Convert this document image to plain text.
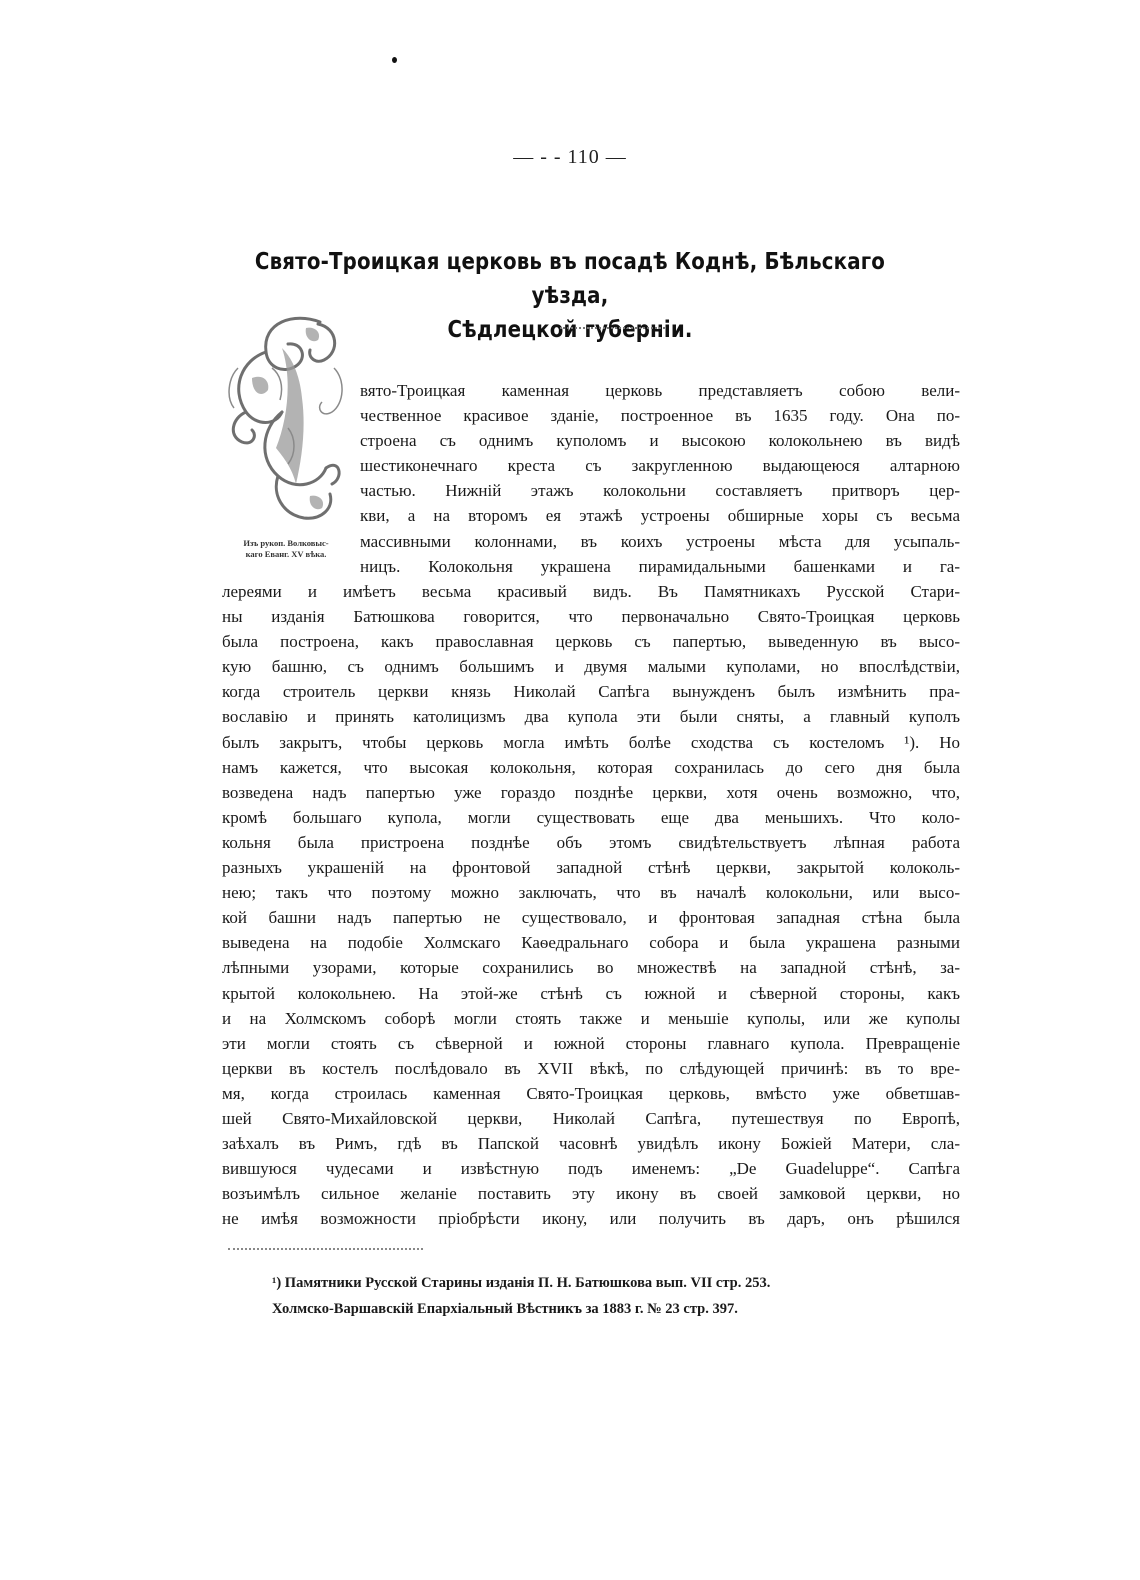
— - - 110 —
Свято-Троицкая церковь въ посадѣ Коднѣ, Бѣльскаго уѣзда,
Сѣдлецкой губерніи.
Изъ рукоп. Волковыс-
каго Еванг. XV вѣка.
вято-Троицкая каменная церковь представляетъ собою вели-
чественное красивое зданіе, построенное въ 1635 году. Она по-
строена съ однимъ куполомъ и высокою колокольнею въ видѣ
шестиконечнаго креста съ закругленною выдающеюся алтарною
частью. Нижній этажъ колокольни составляетъ притворъ цер-
кви, а на второмъ ея этажѣ устроены обширные хоры съ весьма
массивными колоннами, въ коихъ устроены мѣста для усыпаль-
ницъ. Колокольня украшена пирамидальными башенками и га-
лереями и имѣетъ весьма красивый видъ. Въ Памятникахъ Русской Стари-
ны изданія Батюшкова говорится, что первоначально Свято-Троицкая церковь
была построена, какъ православная церковь съ папертью, выведенную въ высо-
кую башню, съ однимъ большимъ и двумя малыми куполами, но впослѣдствіи,
когда строитель церкви князь Николай Сапѣга вынужденъ былъ измѣнить пра-
вославію и принять католицизмъ два купола эти были сняты, а главный куполъ
былъ закрытъ, чтобы церковь могла имѣть болѣе сходства съ костеломъ ¹). Но
намъ кажется, что высокая колокольня, которая сохранилась до сего дня была
возведена надъ папертью уже гораздо позднѣе церкви, хотя очень возможно, что,
кромѣ большаго купола, могли существовать еще два меньшихъ. Что коло-
кольня была пристроена позднѣе объ этомъ свидѣтельствуетъ лѣпная работа
разныхъ украшеній на фронтовой западной стѣнѣ церкви, закрытой колоколь-
нею; такъ что поэтому можно заключать, что въ началѣ колокольни, или высо-
кой башни надъ папертью не существовало, и фронтовая западная стѣна была
выведена на подобіе Холмскаго Каѳедральнаго собора и была украшена разными
лѣпными узорами, которые сохранились во множествѣ на западной стѣнѣ, за-
крытой колокольнею. На этой-же стѣнѣ съ южной и сѣверной стороны, какъ
и на Холмскомъ соборѣ могли стоять также и меньшіе куполы, или же куполы
эти могли стоять съ сѣверной и южной стороны главнаго купола. Превращеніе
церкви въ костелъ послѣдовало въ XVII вѣкѣ, по слѣдующей причинѣ: въ то вре-
мя, когда строилась каменная Свято-Троицкая церковь, вмѣсто уже обветшав-
шей Свято-Михайловской церкви, Николай Сапѣга, путешествуя по Европѣ,
заѣхалъ въ Римъ, гдѣ въ Папской часовнѣ увидѣлъ икону Божіей Матери, сла-
вившуюся чудесами и извѣстную подъ именемъ: „De Guadeluppe“. Сапѣга
возъимѣлъ сильное желаніе поставить эту икону въ своей замковой церкви, но
не имѣя возможности пріобрѣсти икону, или получить въ даръ, онъ рѣшился
¹) Памятники Русской Старины изданія П. Н. Батюшкова вып. VII стр. 253.
Холмско-Варшавскій Епархіальный Вѣстникъ за 1883 г. № 23 стр. 397.
